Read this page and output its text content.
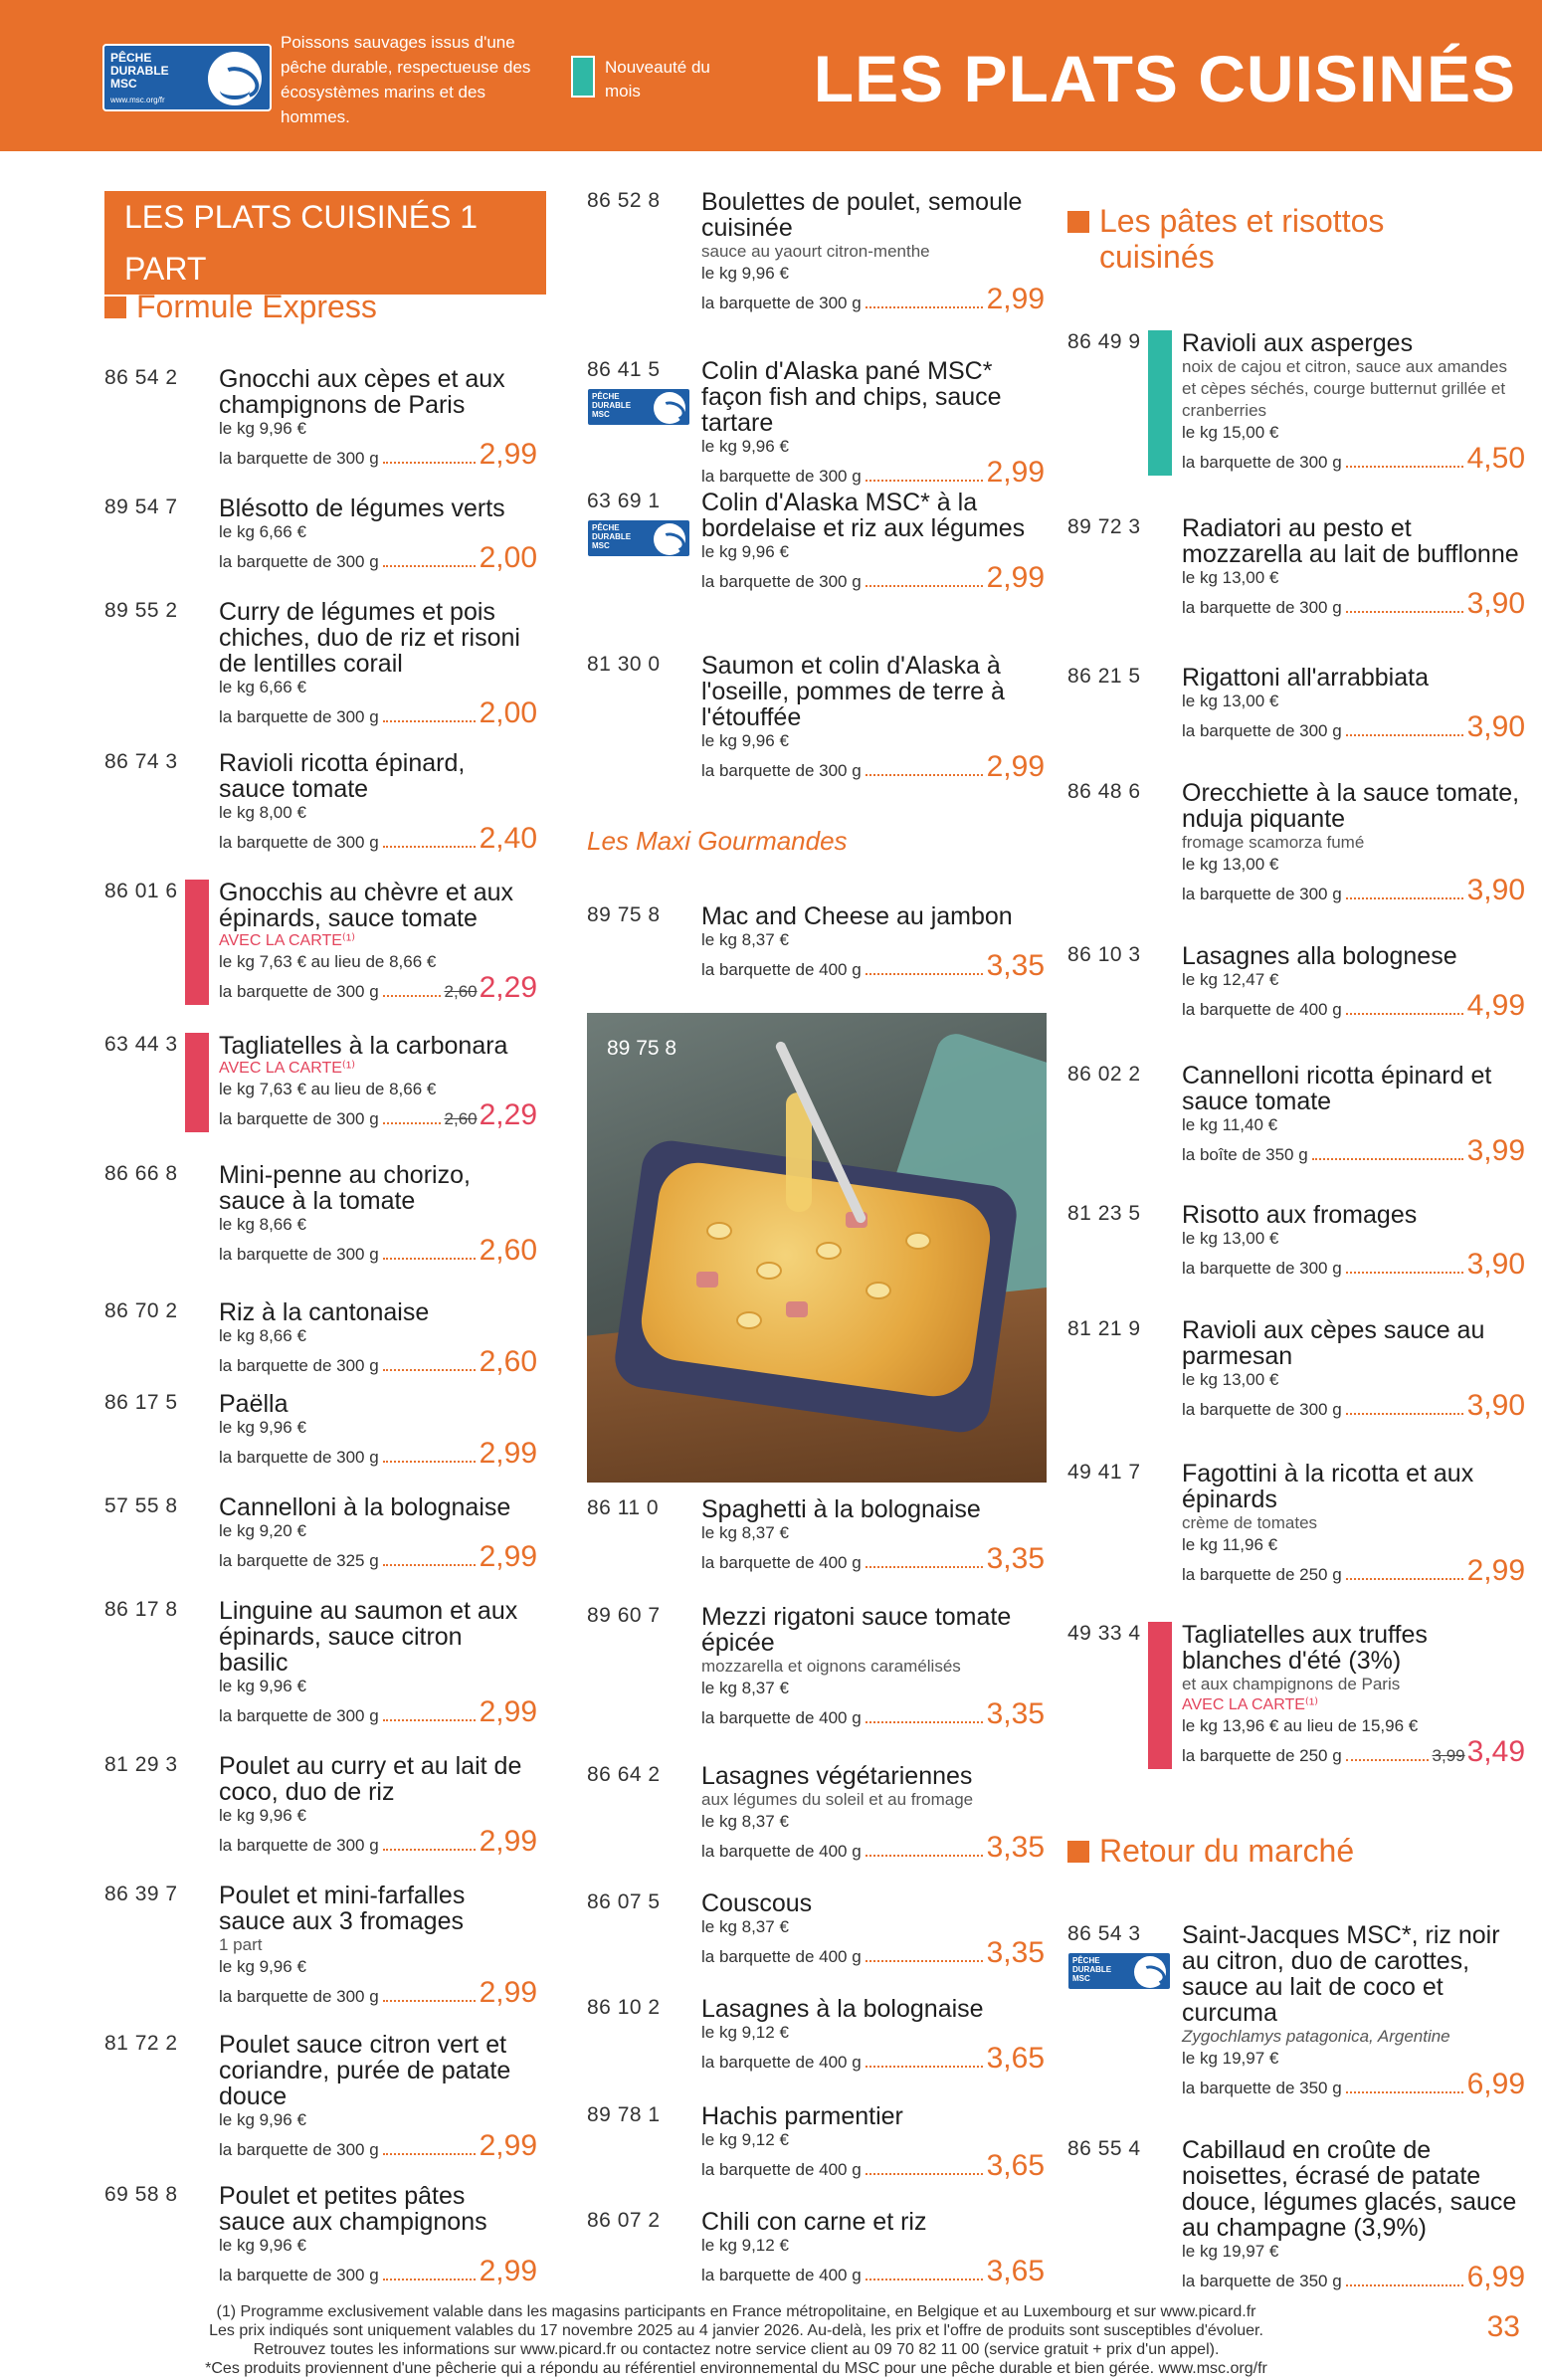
PÊCHE DURABLE MSC
www.msc.org/fr
Poissons sauvages issus d'une pêche durable, respectueuse des écosystèmes marins et des hommes.
Nouveauté du mois	LES PLATS CUISINÉS
LES PLATS CUISINÉS 1 PART
Formule Express
86 54 2 Gnocchi aux cèpes et aux champignons de Paris
le kg 9,96 €
la barquette de 300 g	2,99
89 54 7 Blésotto de légumes verts
le kg 6,66 €
la barquette de 300 g	2,00
89 55 2 Curry de légumes et pois chiches, duo de riz et risoni de lentilles corail
le kg 6,66 €
la barquette de 300 g	2,00
86 74 3 Ravioli ricotta épinard, sauce tomate
le kg 8,00 €
la barquette de 300 g	2,40
86 01 6 Gnocchis au chèvre et aux épinards, sauce tomate
AVEC LA CARTE⁽¹⁾
le kg 7,63 € au lieu de 8,66 €
la barquette de 300 g	2,60 2,29
63 44 3 Tagliatelles à la carbonara
AVEC LA CARTE⁽¹⁾
le kg 7,63 € au lieu de 8,66 €
la barquette de 300 g	2,60 2,29
86 66 8 Mini-penne au chorizo, sauce à la tomate
le kg 8,66 €
la barquette de 300 g	2,60
86 70 2 Riz à la cantonaise
le kg 8,66 €
la barquette de 300 g	2,60
86 17 5 Paëlla
le kg 9,96 €
la barquette de 300 g	2,99
57 55 8 Cannelloni à la bolognaise
le kg 9,20 €
la barquette de 325 g	2,99
86 17 8 Linguine au saumon et aux épinards, sauce citron basilic
le kg 9,96 €
la barquette de 300 g	2,99
81 29 3 Poulet au curry et au lait de coco, duo de riz
le kg 9,96 €
la barquette de 300 g	2,99
86 39 7 Poulet et mini-farfalles sauce aux 3 fromages
1 part
le kg 9,96 €
la barquette de 300 g	2,99
81 72 2 Poulet sauce citron vert et coriandre, purée de patate douce
le kg 9,96 €
la barquette de 300 g	2,99
69 58 8 Poulet et petites pâtes sauce aux champignons
le kg 9,96 €
la barquette de 300 g	2,99
86 52 8 Boulettes de poulet, semoule cuisinée
sauce au yaourt citron-menthe
le kg 9,96 €
la barquette de 300 g	2,99
86 41 5
PÊCHE DURABLE MSC
Colin d'Alaska pané MSC* façon fish and chips, sauce tartare
le kg 9,96 €
la barquette de 300 g	2,99
63 69 1
PÊCHE DURABLE MSC
Colin d'Alaska MSC* à la bordelaise et riz aux légumes
le kg 9,96 €
la barquette de 300 g	2,99
81 30 0 Saumon et colin d'Alaska à l'oseille, pommes de terre à l'étouffée
le kg 9,96 €
la barquette de 300 g	2,99
Les Maxi Gourmandes
89 75 8 Mac and Cheese au jambon
le kg 8,37 €
la barquette de 400 g	3,35
86 11 0 Spaghetti à la bolognaise
le kg 8,37 €
la barquette de 400 g	3,35
89 60 7 Mezzi rigatoni sauce tomate épicée
mozzarella et oignons caramélisés
le kg 8,37 €
la barquette de 400 g	3,35
86 64 2 Lasagnes végétariennes
aux légumes du soleil et au fromage
le kg 8,37 €
la barquette de 400 g	3,35
86 07 5 Couscous
le kg 8,37 €
la barquette de 400 g	3,35
86 10 2 Lasagnes à la bolognaise
le kg 9,12 €
la barquette de 400 g	3,65
89 78 1 Hachis parmentier
le kg 9,12 €
la barquette de 400 g	3,65
86 07 2 Chili con carne et riz
le kg 9,12 €
la barquette de 400 g	3,65
89 75 8
Les pâtes et risottos cuisinés
86 49 9 Ravioli aux asperges
noix de cajou et citron, sauce aux amandes et cèpes séchés, courge butternut grillée et cranberries
le kg 15,00 €
la barquette de 300 g	4,50
89 72 3 Radiatori au pesto et mozzarella au lait de bufflonne
le kg 13,00 €
la barquette de 300 g	3,90
86 21 5 Rigattoni all'arrabbiata
le kg 13,00 €
la barquette de 300 g	3,90
86 48 6 Orecchiette à la sauce tomate, nduja piquante
fromage scamorza fumé
le kg 13,00 €
la barquette de 300 g	3,90
86 10 3 Lasagnes alla bolognese
le kg 12,47 €
la barquette de 400 g	4,99
86 02 2 Cannelloni ricotta épinard et sauce tomate
le kg 11,40 €
la boîte de 350 g	3,99
81 23 5 Risotto aux fromages
le kg 13,00 €
la barquette de 300 g	3,90
81 21 9 Ravioli aux cèpes sauce au parmesan
le kg 13,00 €
la barquette de 300 g	3,90
49 41 7 Fagottini à la ricotta et aux épinards
crème de tomates
le kg 11,96 €
la barquette de 250 g	2,99
49 33 4 Tagliatelles aux truffes blanches d'été (3%)
et aux champignons de Paris
AVEC LA CARTE⁽¹⁾
le kg 13,96 € au lieu de 15,96 €
la barquette de 250 g	3,99 3,49
Retour du marché
86 54 3
PÊCHE DURABLE MSC
Saint-Jacques MSC*, riz noir au citron, duo de carottes, sauce au lait de coco et curcuma
Zygochlamys patagonica, Argentine
le kg 19,97 €
la barquette de 350 g	6,99
86 55 4 Cabillaud en croûte de noisettes, écrasé de patate douce, légumes glacés, sauce au champagne (3,9%)
le kg 19,97 €
la barquette de 350 g	6,99
(1) Programme exclusivement valable dans les magasins participants en France métropolitaine, en Belgique et au Luxembourg et sur www.picard.fr
Les prix indiqués sont uniquement valables du 17 novembre 2025 au 4 janvier 2026. Au-delà, les prix et l'offre de produits sont susceptibles d'évoluer.
Retrouvez toutes les informations sur www.picard.fr ou contactez notre service client au 09 70 82 11 00 (service gratuit + prix d'un appel).
*Ces produits proviennent d'une pêcherie qui a répondu au référentiel environnemental du MSC pour une pêche durable et bien gérée. www.msc.org/fr
33
